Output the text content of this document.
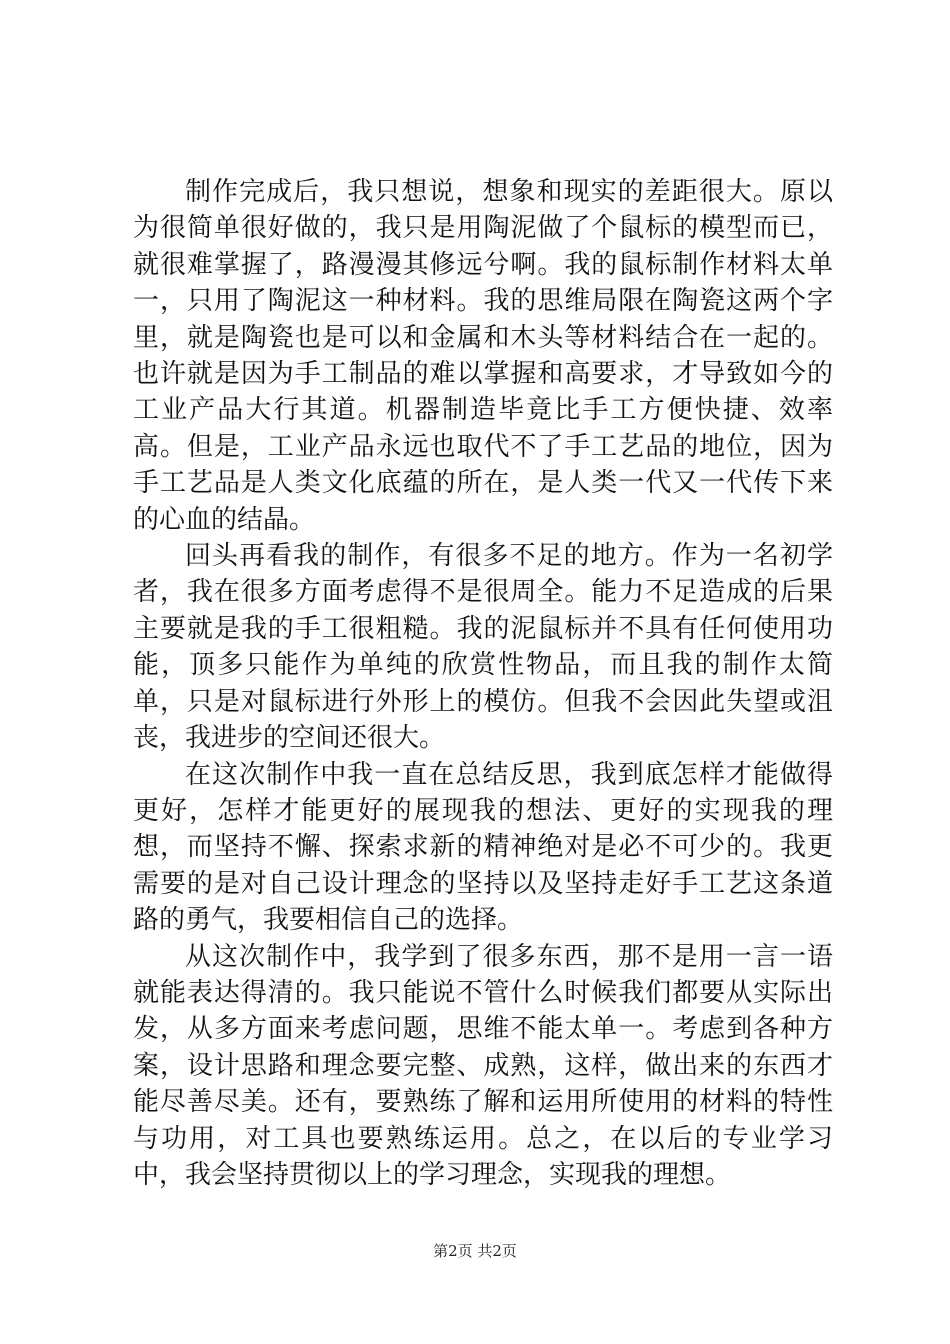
制作完成后，我只想说，想象和现实的差距很大。原以为很简单很好做的，我只是用陶泥做了个鼠标的模型而已，就很难掌握了，路漫漫其修远兮啊。我的鼠标制作材料太单一，只用了陶泥这一种材料。我的思维局限在陶瓷这两个字里，就是陶瓷也是可以和金属和木头等材料结合在一起的。也许就是因为手工制品的难以掌握和高要求，才导致如今的工业产品大行其道。机器制造毕竟比手工方便快捷、效率高。但是，工业产品永远也取代不了手工艺品的地位，因为手工艺品是人类文化底蕴的所在，是人类一代又一代传下来的心血的结晶。

回头再看我的制作，有很多不足的地方。作为一名初学者，我在很多方面考虑得不是很周全。能力不足造成的后果主要就是我的手工很粗糙。我的泥鼠标并不具有任何使用功能，顶多只能作为单纯的欣赏性物品，而且我的制作太简单，只是对鼠标进行外形上的模仿。但我不会因此失望或沮丧，我进步的空间还很大。

在这次制作中我一直在总结反思，我到底怎样才能做得更好，怎样才能更好的展现我的想法、更好的实现我的理想，而坚持不懈、探索求新的精神绝对是必不可少的。我更需要的是对自己设计理念的坚持以及坚持走好手工艺这条道路的勇气，我要相信自己的选择。

从这次制作中，我学到了很多东西，那不是用一言一语就能表达得清的。我只能说不管什么时候我们都要从实际出发，从多方面来考虑问题，思维不能太单一。考虑到各种方案，设计思路和理念要完整、成熟，这样，做出来的东西才能尽善尽美。还有，要熟练了解和运用所使用的材料的特性与功用，对工具也要熟练运用。总之，在以后的专业学习中，我会坚持贯彻以上的学习理念，实现我的理想。

第2页 共2页
